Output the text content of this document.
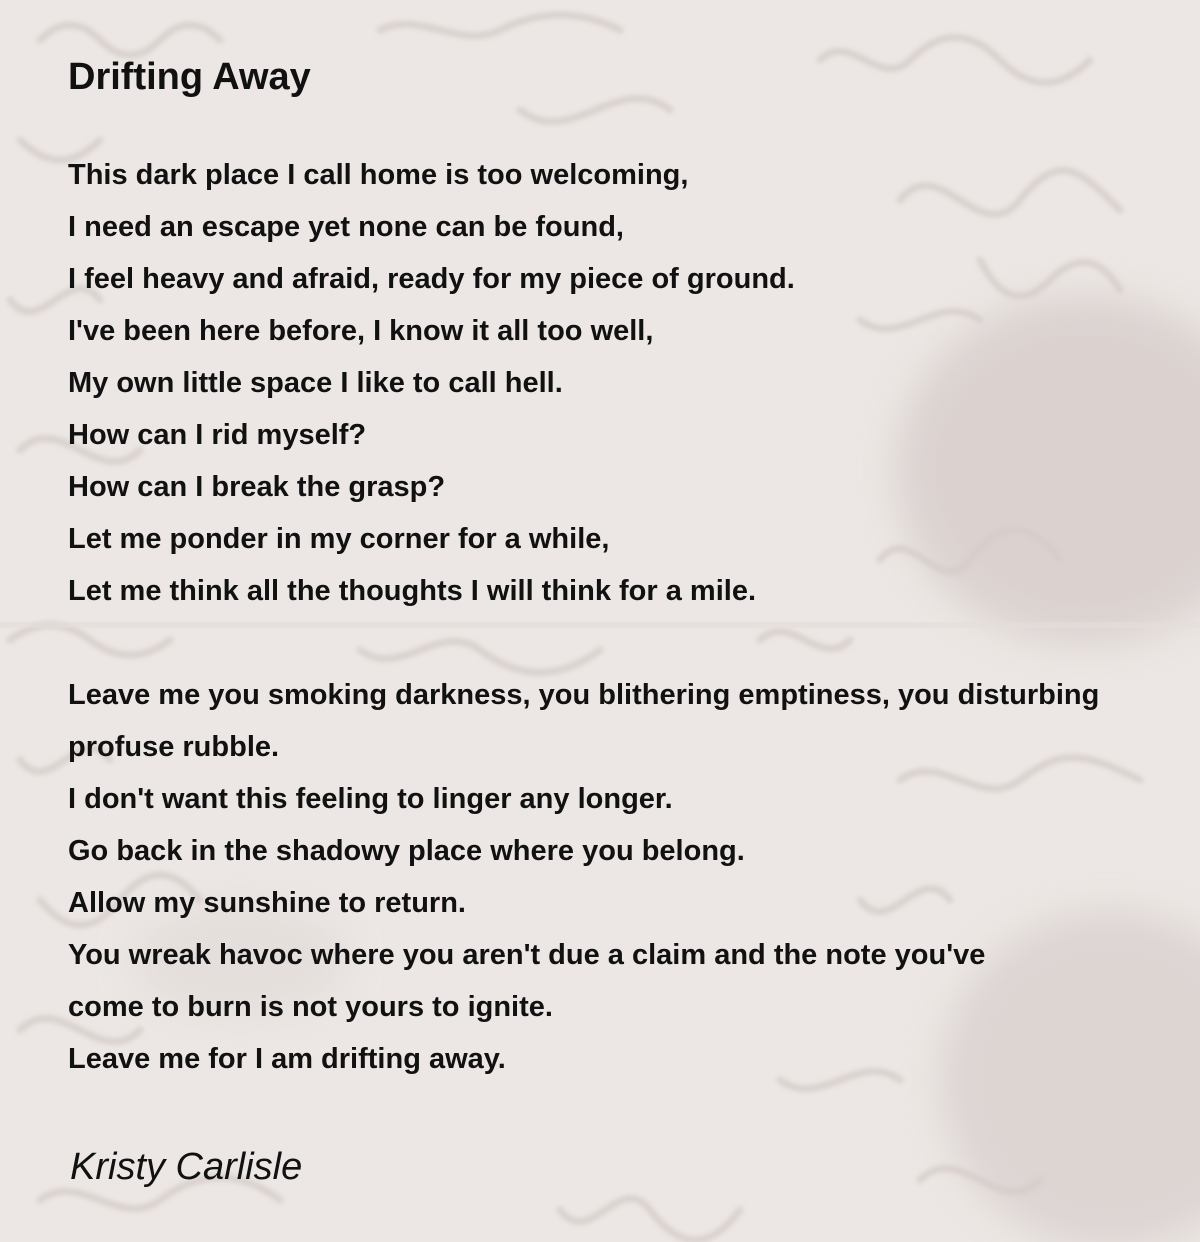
Drifting Away

This dark place I call home is too welcoming,
I need an escape yet none can be found,
I feel heavy and afraid, ready for my piece of ground.
I've been here before, I know it all too well,
My own little space I like to call hell.
How can I rid myself?
How can I break the grasp?
Let me ponder in my corner for a while,
Let me think all the thoughts I will think for a mile.

Leave me you smoking darkness, you blithering emptiness, you disturbing
profuse rubble.
I don't want this feeling to linger any longer.
Go back in the shadowy place where you belong.
Allow my sunshine to return.
You wreak havoc where you aren't due a claim and the note you've
come to burn is not yours to ignite.
Leave me for I am drifting away.

Kristy Carlisle
